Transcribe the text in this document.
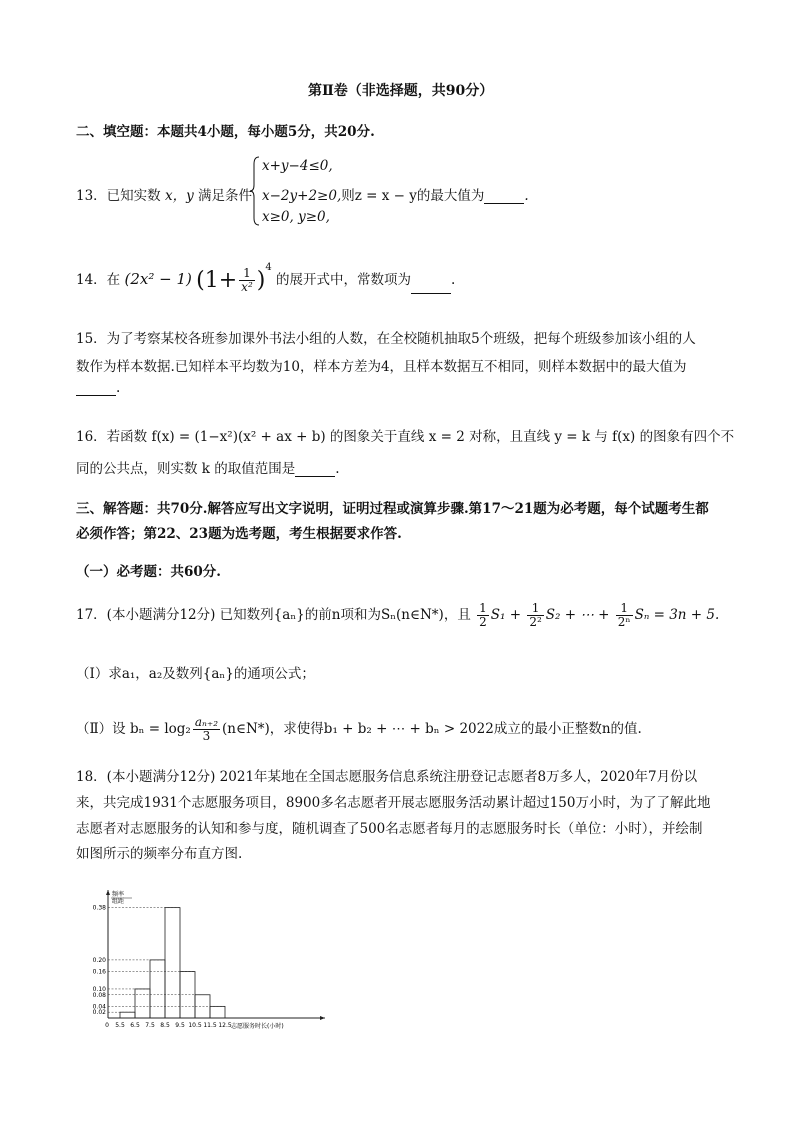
第Ⅱ卷（非选择题，共90分）
二、填空题：本题共4小题，每小题5分，共20分.
13．已知实数 x，y 满足条件
x+y−4≤0,
x−2y+2≥0,则z = x − y的最大值为	.
x≥0, y≥0,
14．在 (2x² − 1) $(1+ \frac{1}{\text{x²}} )^4$ 的展开式中，常数项为	.
15．为了考察某校各班参加课外书法小组的人数，在全校随机抽取5个班级，把每个班级参加该小组的人
数作为样本数据.已知样本平均数为10，样本方差为4，且样本数据互不相同，则样本数据中的最大值为
.
16．若函数 f(x) = (1−x²)(x² + ax + b) 的图象关于直线 x = 2 对称，且直线 y = k 与 f(x) 的图象有四个不
同的公共点，则实数 k 的取值范围是	.
三、解答题：共70分.解答应写出文字说明，证明过程或演算步骤.第17～21题为必考题，每个试题考生都
必须作答；第22、23题为选考题，考生根据要求作答.
（一）必考题：共60分.
17．(本小题满分12分) 已知数列{aₙ}的前n项和为Sₙ(n∈N*)，且 $\frac{1}{2} S_1 + \frac{1}{\text{2²}} S_2$ + ⋯ + $\frac{1}{\text{2ⁿ}}$ Sₙ = 3n + 5.
（Ⅰ）求a₁，a₂及数列{aₙ}的通项公式；
（Ⅱ）设 $b_n = \log_2 \frac{\text{aₙ₊₂}}{3}$ (n∈N*)，求使得b₁ + b₂ + ⋯ + bₙ > 2022成立的最小正整数n的值.
18．(本小题满分12分) 2021年某地在全国志愿服务信息系统注册登记志愿者8万多人，2020年7月份以
来，共完成1931个志愿服务项目，8900多名志愿者开展志愿服务活动累计超过150万小时，为了了解此地
志愿者对志愿服务的认知和参与度，随机调查了500名志愿者每月的志愿服务时长（单位：小时），并绘制
如图所示的频率分布直方图.
频率
组距
0.02
0.04
0.08
0.10
0.16
0.20
0.38
0 5.5 6.5 7.5 8.5 9.5 10.5 11.5 12.5 志愿服务时长(小时)
